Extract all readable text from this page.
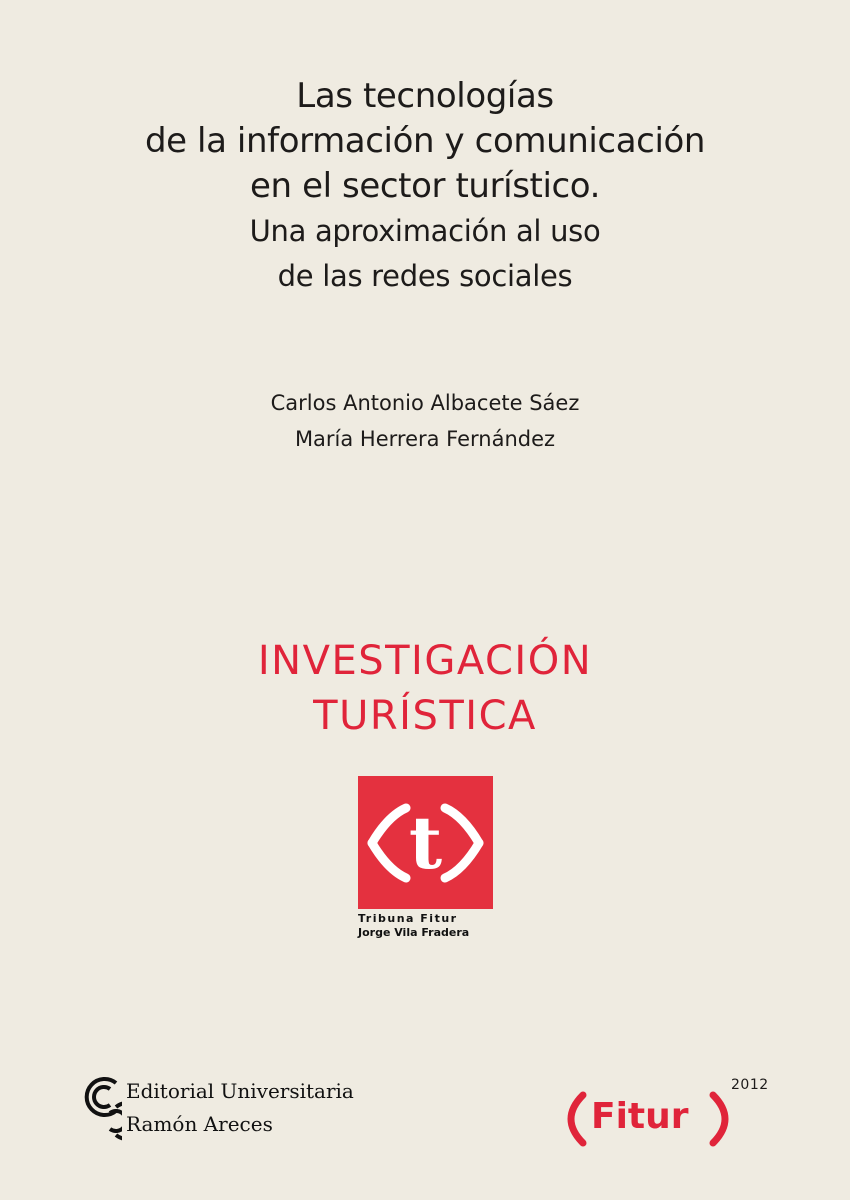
Las tecnologías
de la información y comunicación
en el sector turístico.
Una aproximación al uso
de las redes sociales
Carlos Antonio Albacete Sáez
María Herrera Fernández
INVESTIGACIÓN
TURÍSTICA
t
Tribuna Fitur
Jorge Vila Fradera
Editorial Universitaria
Ramón Areces
2012
Fitur
